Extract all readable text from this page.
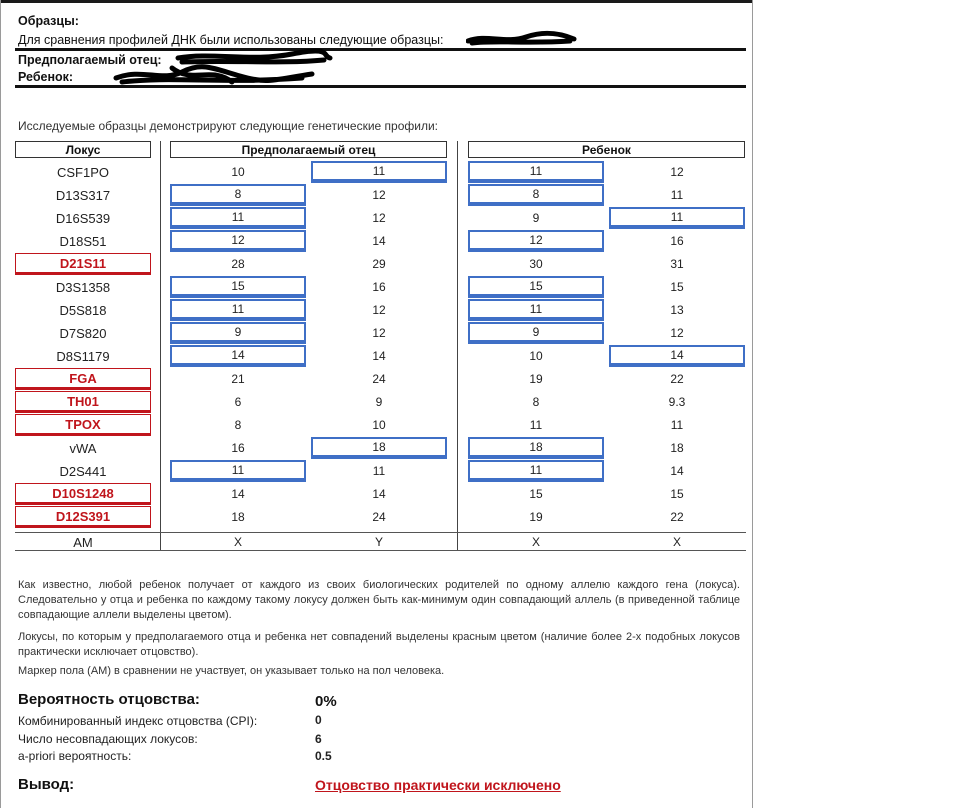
Образцы:
Для сравнения профилей ДНК были использованы следующие образцы:
Предполагаемый отец:
Ребенок:
Исследуемые образцы демонстрируют следующие генетические профили:
Локус	Предполагаемый отец	Ребенок
CSF1PO	10	11	11	12
D13S317	8	12	8	11
D16S539	11	12	9	11
D18S51	12	14	12	16
D21S11	28	29	30	31
D3S1358	15	16	15	15
D5S818	11	12	11	13
D7S820	9	12	9	12
D8S1179	14	14	10	14
FGA	21	24	19	22
TH01	6	9	8	9.3
TPOX	8	10	11	11
vWA	16	18	18	18
D2S441	11	11	11	14
D10S1248	14	14	15	15
D12S391	18	24	19	22
AM	X	Y	X	X
Как известно, любой ребенок получает от каждого из своих биологических родителей по одному аллелю каждого гена (локуса). Следовательно у отца и ребенка по каждому такому локусу должен быть как-минимум один совпадающий аллель (в приведенной таблице совпадающие аллели выделены цветом).
Локусы, по которым у предполагаемого отца и ребенка нет совпадений выделены красным цветом (наличие более 2-х подобных локусов практически исключает отцовство).
Маркер пола (AM) в сравнении не участвует, он указывает только на пол человека.
Вероятность отцовства:	0%
Комбинированный индекс отцовства (CPI):	0
Число несовпадающих локусов:	6
a-priori вероятность:	0.5
Вывод:	Отцовство практически исключено
